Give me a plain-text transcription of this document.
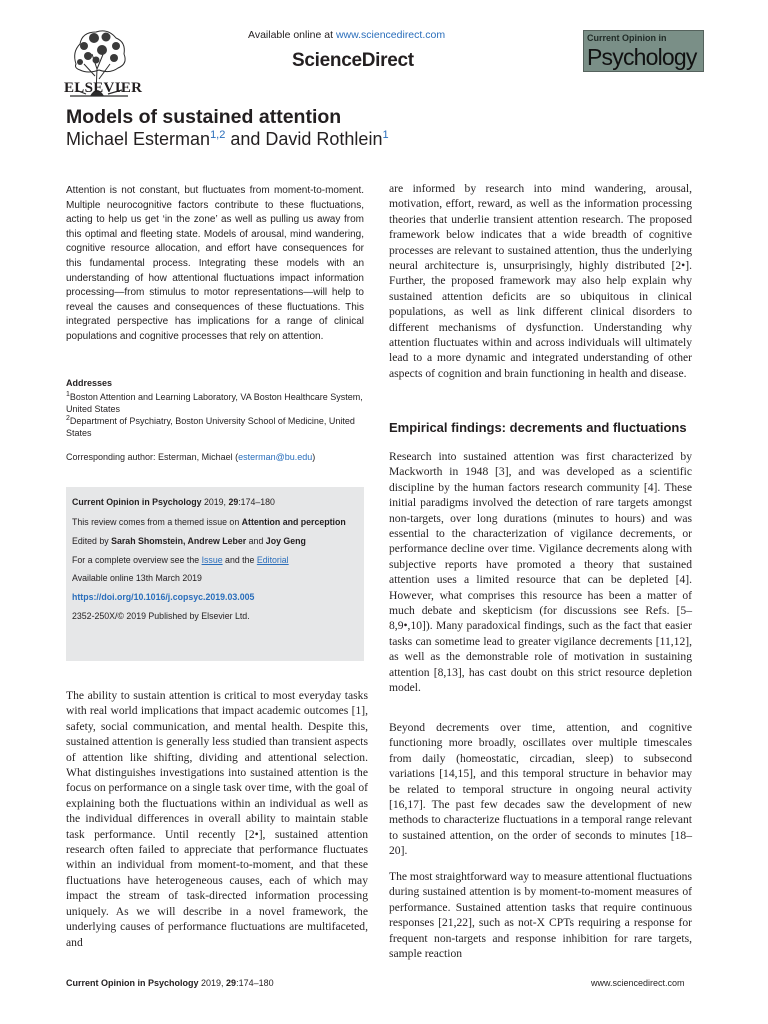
ELSEVIER
Available online at www.sciencedirect.com
ScienceDirect
Current Opinion in
Psychology
Models of sustained attention
Michael Esterman$^{1,2}$ and David Rothlein$^1$
Attention is not constant, but fluctuates from moment-to-moment. Multiple neurocognitive factors contribute to these fluctuations, acting to help us get ‘in the zone’ as well as pulling us away from this optimal and fleeting state. Models of arousal, mind wandering, cognitive resource allocation, and effort have consequences for this fundamental process. Integrating these models with an understanding of how attentional fluctuations impact information processing—from stimulus to motor representations—will help to reveal the causes and consequences of these fluctuations. This integrated perspective has implications for a range of clinical populations and cognitive processes that rely on attention.
Addresses
$^1$Boston Attention and Learning Laboratory, VA Boston Healthcare System, United States
$^2$Department of Psychiatry, Boston University School of Medicine, United States
Corresponding author: Esterman, Michael (esterman@bu.edu)
Current Opinion in Psychology 2019, 29:174–180
This review comes from a themed issue on Attention and perception
Edited by Sarah Shomstein, Andrew Leber and Joy Geng
For a complete overview see the Issue and the Editorial
Available online 13th March 2019
https://doi.org/10.1016/j.copsyc.2019.03.005
2352-250X/© 2019 Published by Elsevier Ltd.
The ability to sustain attention is critical to most everyday tasks with real world implications that impact academic outcomes [1], safety, social communication, and mental health. Despite this, sustained attention is generally less studied than transient aspects of attention like shifting, dividing and attentional selection. What distinguishes investigations into sustained attention is the focus on performance on a single task over time, with the goal of explaining both the fluctuations within an individual as well as the individual differences in overall ability to maintain stable task performance. Until recently [2•], sustained attention research often failed to appreciate that performance fluctuates within an individual from moment-to-moment, and that these fluctuations have heterogeneous causes, each of which may impact the stream of task-directed information processing uniquely. As we will describe in a novel framework, the underlying causes of performance fluctuations are multifaceted, and
are informed by research into mind wandering, arousal, motivation, effort, reward, as well as the information processing theories that underlie transient attention research. The proposed framework below indicates that a wide breadth of cognitive processes are relevant to sustained attention, thus the underlying neural architecture is, unsurprisingly, highly distributed [2•]. Further, the proposed framework may also help explain why sustained attention deficits are so ubiquitous in clinical populations, as well as link different clinical disorders to different mechanisms of dysfunction. Understanding why attention fluctuates within and across individuals will ultimately lead to a more dynamic and integrated understanding of other aspects of cognition and brain functioning in health and disease.
Empirical findings: decrements and fluctuations
Research into sustained attention was first characterized by Mackworth in 1948 [3], and was developed as a scientific discipline by the human factors research community [4]. These initial paradigms involved the detection of rare targets amongst non-targets, over long durations (minutes to hours) and was essential to the characterization of vigilance decrements, or performance decline over time. Vigilance decrements along with subjective reports have promoted a theory that sustained attention uses a limited resource that can be depleted [4]. However, what comprises this resource has been a matter of much debate and skepticism (for discussions see Refs. [5–8,9•,10]). Many paradoxical findings, such as the fact that easier tasks can sometime lead to greater vigilance decrements [11,12], as well as the demonstrable role of motivation in sustaining attention [8,13], has cast doubt on this strict resource depletion model.
Beyond decrements over time, attention, and cognitive functioning more broadly, oscillates over multiple timescales from daily (homeostatic, circadian, sleep) to subsecond variations [14,15], and this temporal structure in behavior may be related to temporal structure in ongoing neural activity [16,17]. The past few decades saw the development of new methods to characterize fluctuations in a temporal range relevant to sustained attention, on the order of seconds to minutes [18–20].
The most straightforward way to measure attentional fluctuations during sustained attention is by moment-to-moment measures of performance. Sustained attention tasks that require continuous responses [21,22], such as not-X CPTs requiring a response for frequent non-targets and response inhibition for rare targets, sample reaction
Current Opinion in Psychology 2019, 29:174–180	www.sciencedirect.com
